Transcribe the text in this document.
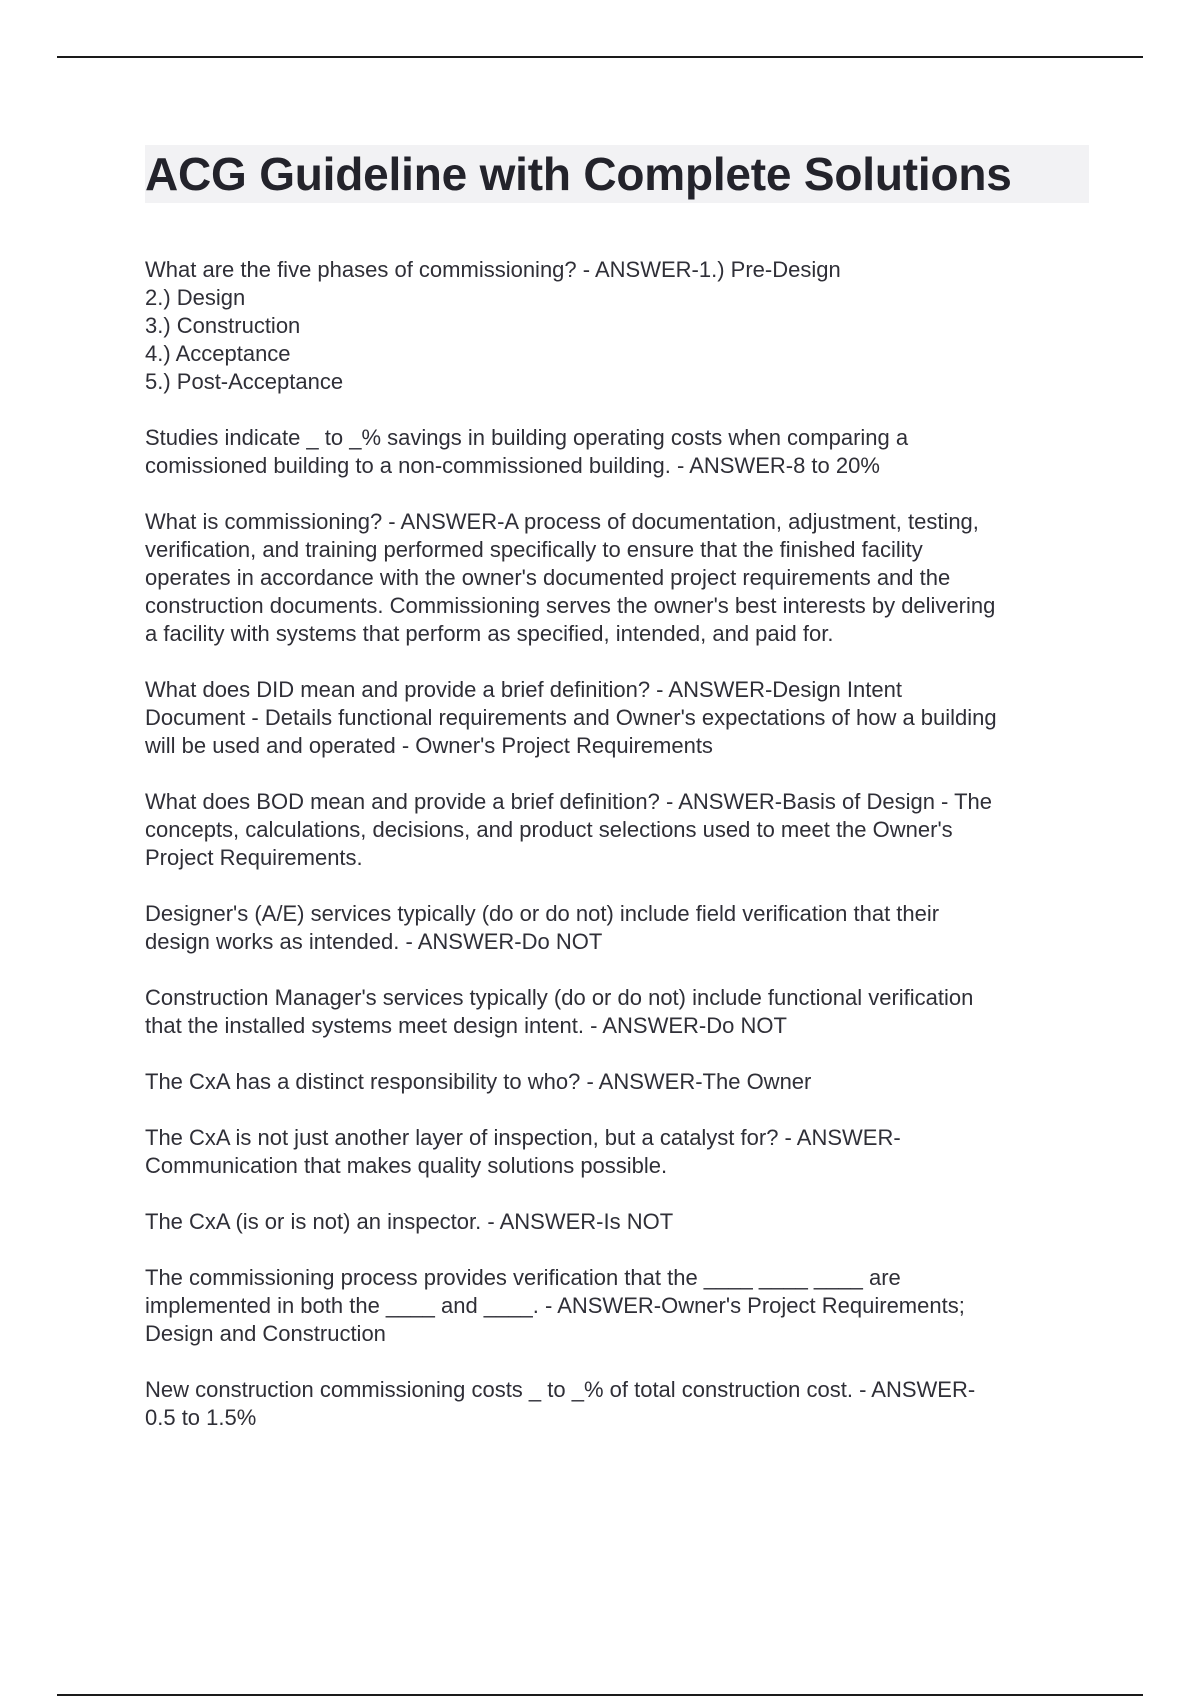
ACG Guideline with Complete Solutions

What are the five phases of commissioning? - ANSWER-1.) Pre-Design
2.) Design
3.) Construction
4.) Acceptance
5.) Post-Acceptance

Studies indicate _ to _% savings in building operating costs when comparing a
comissioned building to a non-commissioned building. - ANSWER-8 to 20%

What is commissioning? - ANSWER-A process of documentation, adjustment, testing,
verification, and training performed specifically to ensure that the finished facility
operates in accordance with the owner's documented project requirements and the
construction documents. Commissioning serves the owner's best interests by delivering
a facility with systems that perform as specified, intended, and paid for.

What does DID mean and provide a brief definition? - ANSWER-Design Intent
Document - Details functional requirements and Owner's expectations of how a building
will be used and operated - Owner's Project Requirements

What does BOD mean and provide a brief definition? - ANSWER-Basis of Design - The
concepts, calculations, decisions, and product selections used to meet the Owner's
Project Requirements.

Designer's (A/E) services typically (do or do not) include field verification that their
design works as intended. - ANSWER-Do NOT

Construction Manager's services typically (do or do not) include functional verification
that the installed systems meet design intent. - ANSWER-Do NOT

The CxA has a distinct responsibility to who? - ANSWER-The Owner

The CxA is not just another layer of inspection, but a catalyst for? - ANSWER-
Communication that makes quality solutions possible.

The CxA (is or is not) an inspector. - ANSWER-Is NOT

The commissioning process provides verification that the ____ ____ ____ are
implemented in both the ____ and ____. - ANSWER-Owner's Project Requirements;
Design and Construction

New construction commissioning costs _ to _% of total construction cost. - ANSWER-
0.5 to 1.5%
